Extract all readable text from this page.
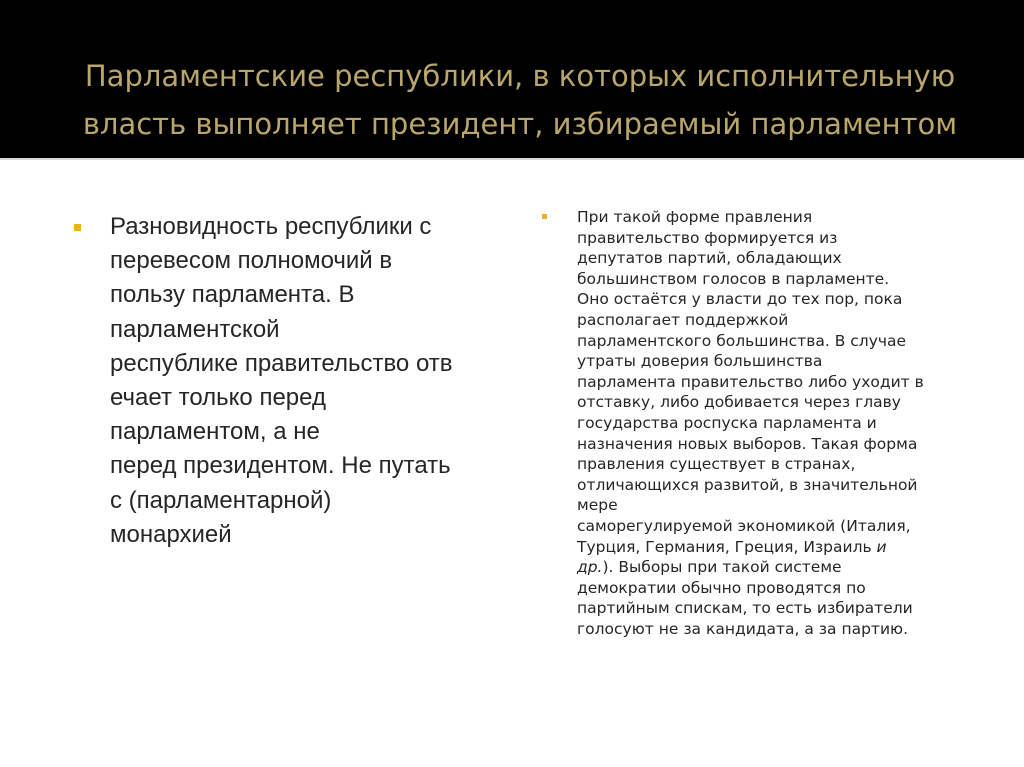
Парламентские республики, в которых исполнительную
власть выполняет президент, избираемый парламентом

Разновидность республики с
перевесом полномочий в
пользу парламента. В
парламентской
республике правительство отв
ечает только перед
парламентом, а не
перед президентом. Не путать
с (парламентарной)
монархией

При такой форме правления
правительство формируется из
депутатов партий, обладающих
большинством голосов в парламенте.
Оно остаётся у власти до тех пор, пока
располагает поддержкой
парламентского большинства. В случае
утраты доверия большинства
парламента правительство либо уходит в
отставку, либо добивается через главу
государства роспуска парламента и
назначения новых выборов. Такая форма
правления существует в странах,
отличающихся развитой, в значительной
мере
саморегулируемой экономикой (Италия,
Турция, Германия, Греция, Израиль и
др.). Выборы при такой системе
демократии обычно проводятся по
партийным спискам, то есть избиратели
голосуют не за кандидата, а за партию.
